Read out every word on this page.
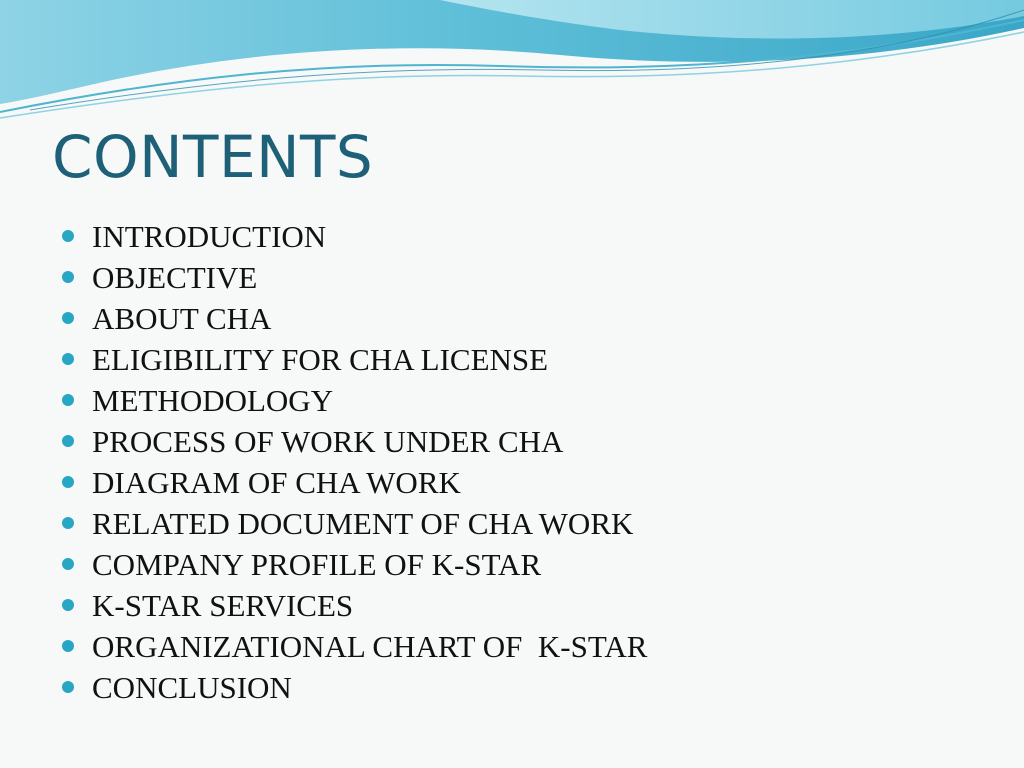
CONTENTS
INTRODUCTION
OBJECTIVE
ABOUT CHA
ELIGIBILITY FOR CHA LICENSE
METHODOLOGY
PROCESS OF WORK UNDER CHA
DIAGRAM OF CHA WORK
RELATED DOCUMENT OF CHA WORK
COMPANY PROFILE OF K-STAR
K-STAR SERVICES
ORGANIZATIONAL CHART OF  K-STAR
CONCLUSION
